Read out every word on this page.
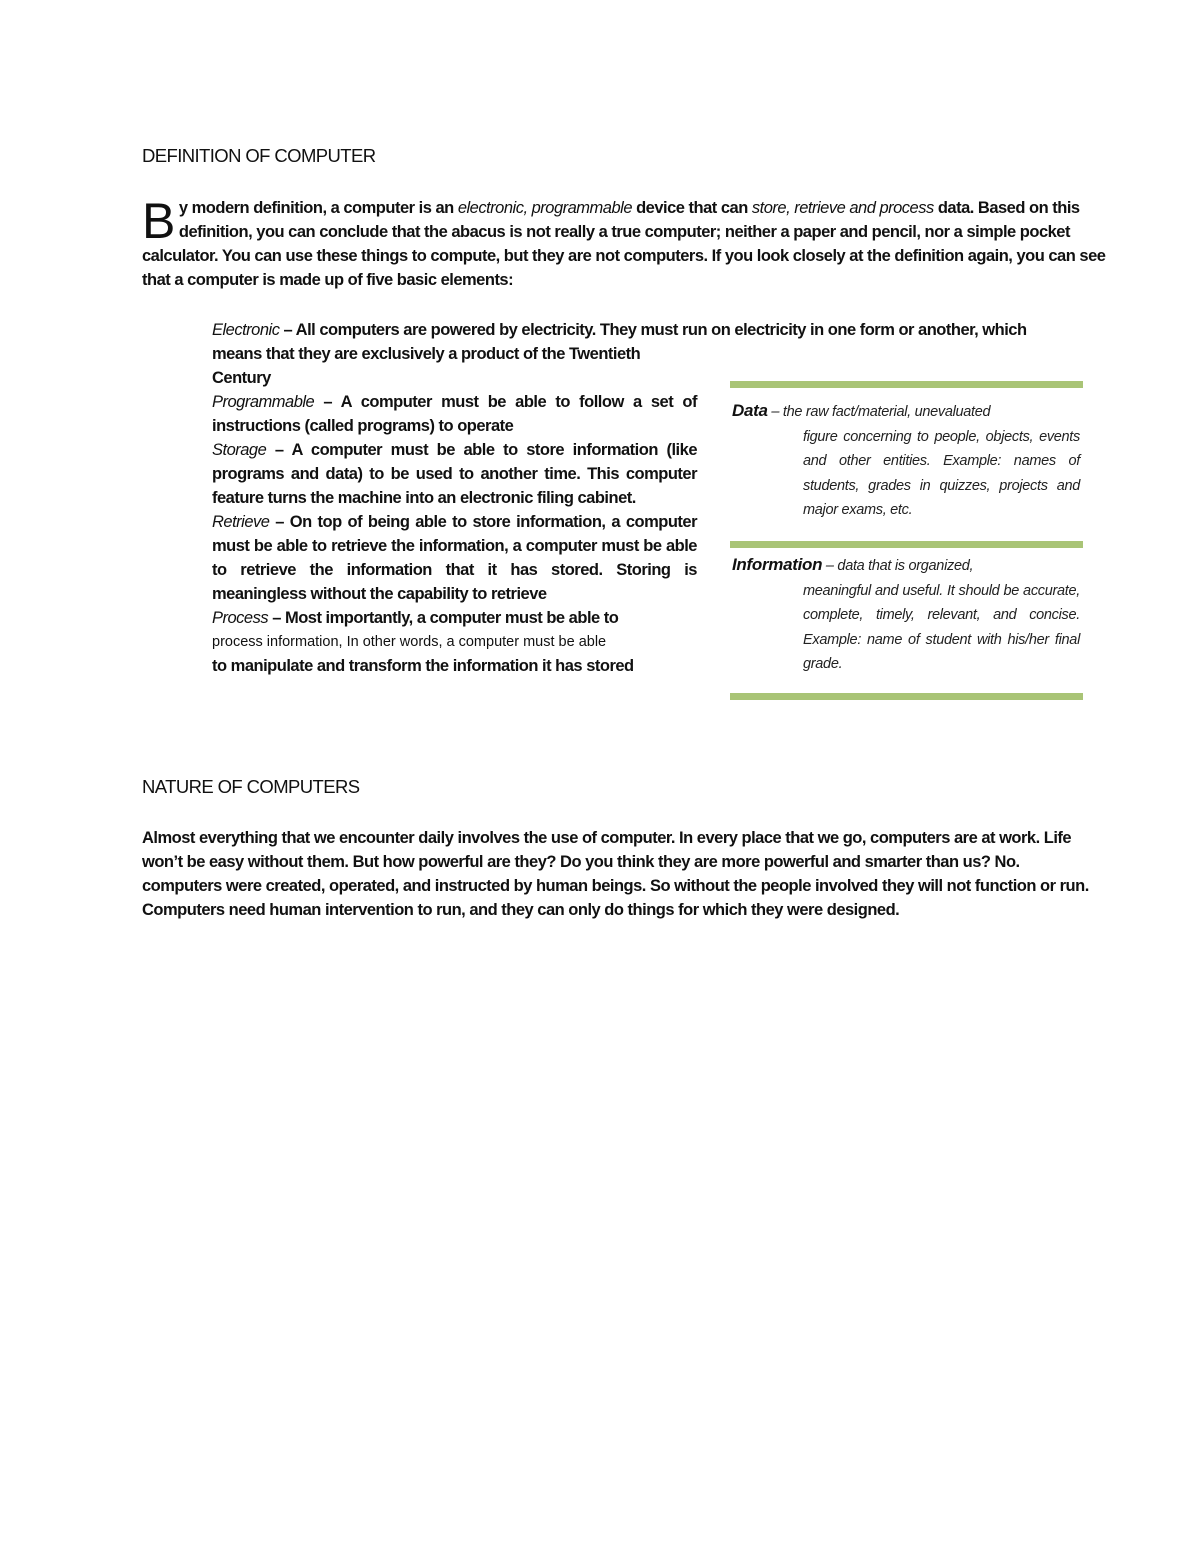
DEFINITION OF COMPUTER
By modern definition, a computer is an electronic, programmable device that can store, retrieve and process data. Based on this definition, you can conclude that the abacus is not really a true computer; neither a paper and pencil, nor a simple pocket calculator. You can use these things to compute, but they are not computers. If you look closely at the definition again, you can see that a computer is made up of five basic elements:
Electronic – All computers are powered by electricity. They must run on electricity in one form or another, which
means that they are exclusively a product of the Twentieth Century
Programmable – A computer must be able to follow a set of instructions (called programs) to operate
Storage – A computer must be able to store information (like programs and data) to be used to another time. This computer feature turns the machine into an electronic filing cabinet.
Retrieve – On top of being able to store information, a computer must be able to retrieve the information, a computer must be able to retrieve the information that it has stored. Storing is meaningless without the capability to retrieve
Process – Most importantly, a computer must be able to
process information, In other words, a computer must be able
to manipulate and transform the information it has stored
Data – the raw fact/material, unevaluated
figure concerning to people, objects, events and other entities. Example: names of students, grades in quizzes, projects and major exams, etc.
Information – data that is organized,
meaningful and useful. It should be accurate, complete, timely, relevant, and concise. Example: name of student with his/her final grade.
NATURE OF COMPUTERS
Almost everything that we encounter daily involves the use of computer. In every place that we go, computers are at work. Life won’t be easy without them. But how powerful are they? Do you think they are more powerful and smarter than us? No. computers were created, operated, and instructed by human beings. So without the people involved they will not function or run. Computers need human intervention to run, and they can only do things for which they were designed.
